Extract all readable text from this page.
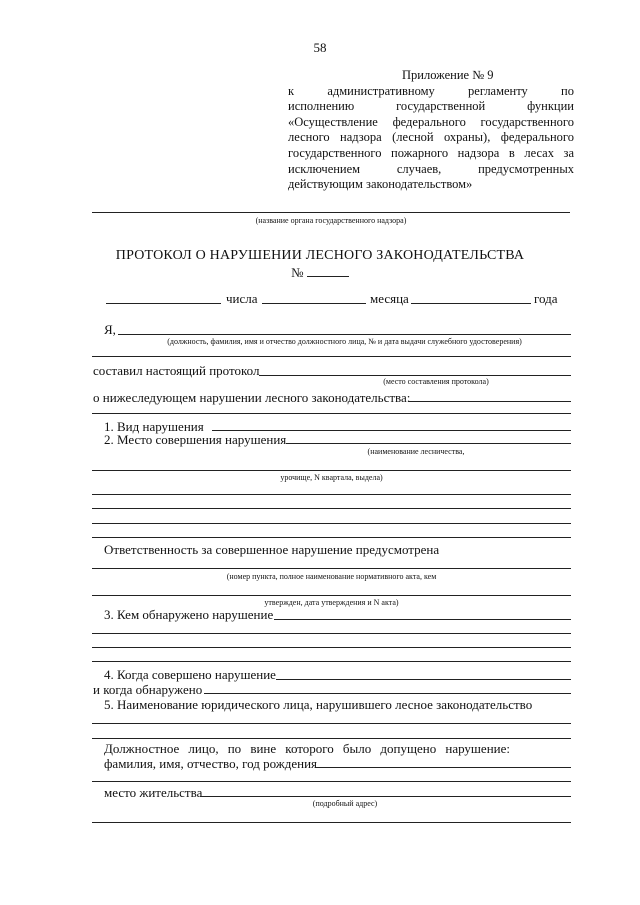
58
Приложение № 9
к административному регламенту по
исполнению государственной функции
«Осуществление федерального государственного
лесного надзора (лесной охраны), федерального
государственного пожарного надзора в лесах за
исключением случаев, предусмотренных
действующим законодательством»
(название органа государственного надзора)
ПРОТОКОЛ О НАРУШЕНИИ ЛЕСНОГО ЗАКОНОДАТЕЛЬСТВА
№
числа	месяца	года
Я,
(должность, фамилия, имя и отчество должностного лица, № и дата выдачи служебного удостоверения)
составил настоящий протокол
(место составления протокола)
о нижеследующем нарушении лесного законодательства:
1. Вид нарушения
2. Место совершения нарушения
(наименование лесничества,
урочище, N квартала, выдела)
Ответственность за совершенное нарушение предусмотрена
(номер пункта, полное наименование нормативного акта, кем
утвержден, дата утверждения и N акта)
3. Кем обнаружено нарушение
4. Когда совершено нарушение
и когда обнаружено
5. Наименование юридического лица, нарушившего лесное законодательство
Должностное лицо, по вине которого было допущено нарушение:
фамилия, имя, отчество, год рождения
место жительства
(подробный адрес)
